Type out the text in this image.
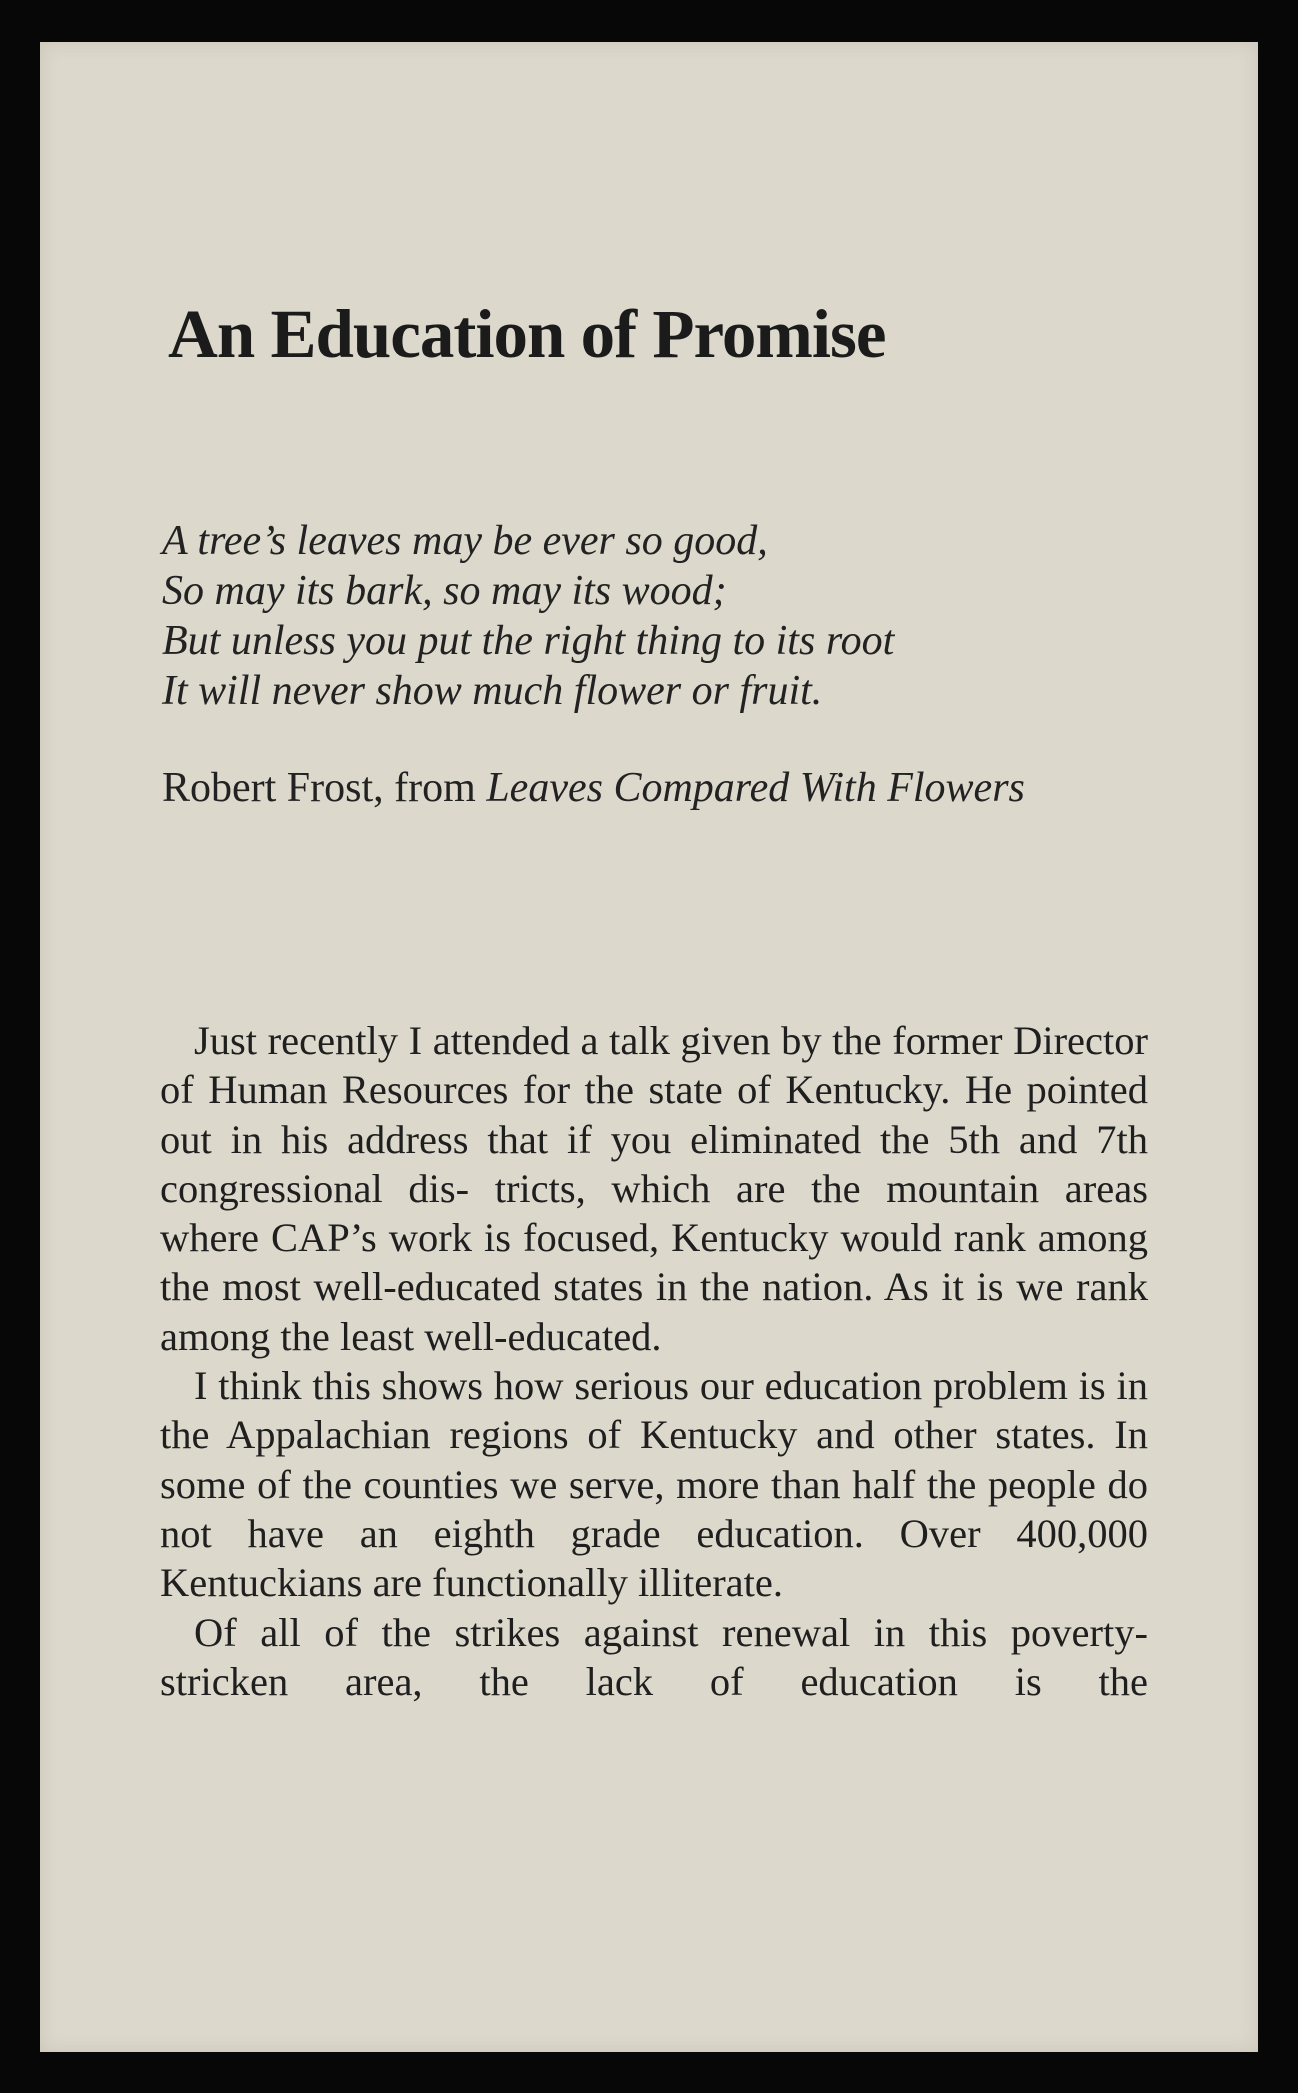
An Education of Promise
A tree’s leaves may be ever so good,
So may its bark, so may its wood;
But unless you put the right thing to its root
It will never show much flower or fruit.
Robert Frost, from Leaves Compared With Flowers

Just recently I attended a talk given by the former Director of Human Resources for the state of Kentucky. He pointed out in his address that if you eliminated the 5th and 7th congressional dis- tricts, which are the mountain areas where CAP’s work is focused, Kentucky would rank among the most well-educated states in the nation. As it is we rank among the least well-educated.

I think this shows how serious our education problem is in the Appalachian regions of Kentucky and other states. In some of the counties we serve, more than half the people do not have an eighth grade education. Over 400,000 Kentuckians are functionally illiterate.

Of all of the strikes against renewal in this poverty-stricken area, the lack of education is the
